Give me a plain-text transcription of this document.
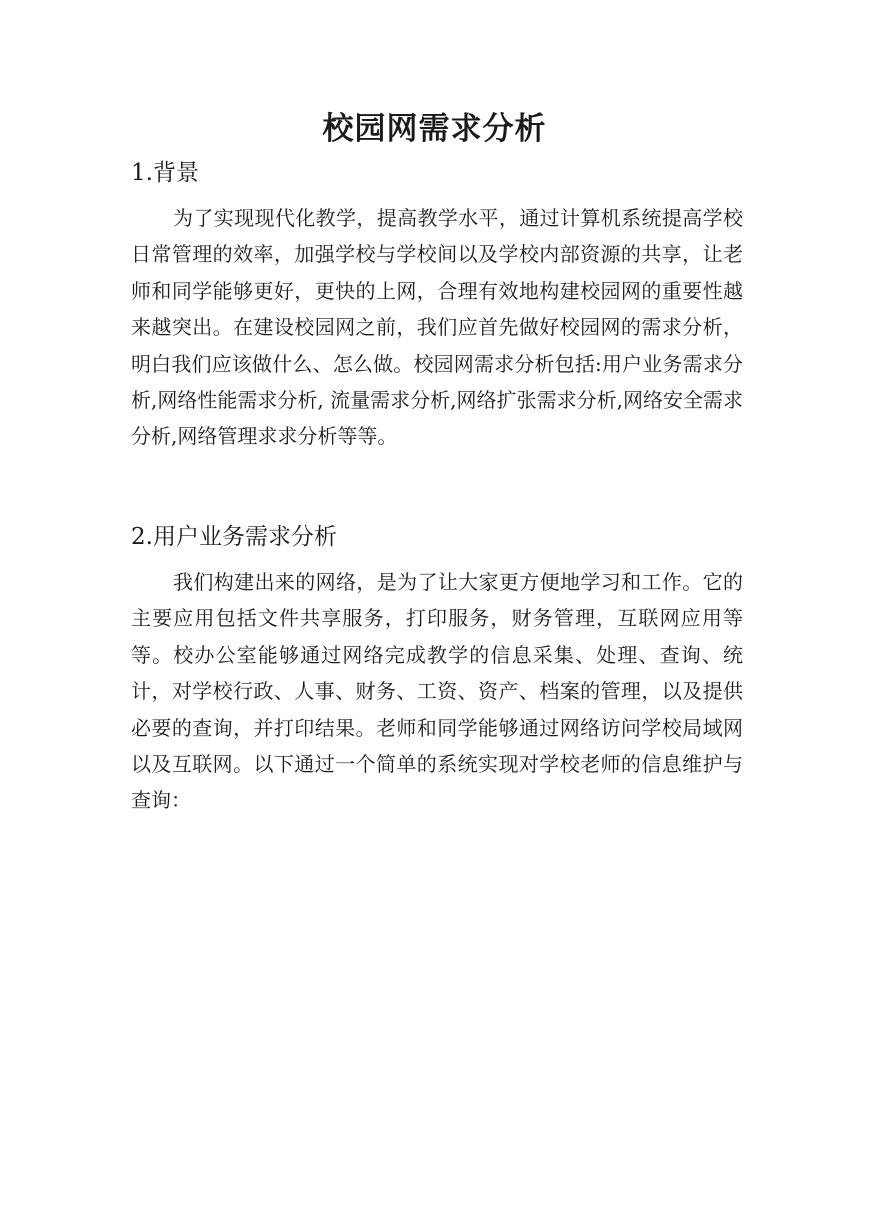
校园网需求分析
1.背景

为了实现现代化教学，提高教学水平，通过计算机系统提高学校日常管理的效率，加强学校与学校间以及学校内部资源的共享，让老师和同学能够更好，更快的上网，合理有效地构建校园网的重要性越来越突出。在建设校园网之前，我们应首先做好校园网的需求分析，明白我们应该做什么、怎么做。校园网需求分析包括:用户业务需求分析,网络性能需求分析, 流量需求分析,网络扩张需求分析,网络安全需求分析,网络管理求求分析等等。

2.用户业务需求分析

我们构建出来的网络，是为了让大家更方便地学习和工作。它的主要应用包括文件共享服务，打印服务，财务管理，互联网应用等等。校办公室能够通过网络完成教学的信息采集、处理、查询、统计，对学校行政、人事、财务、工资、资产、档案的管理，以及提供必要的查询，并打印结果。老师和同学能够通过网络访问学校局域网以及互联网。以下通过一个简单的系统实现对学校老师的信息维护与查询：
